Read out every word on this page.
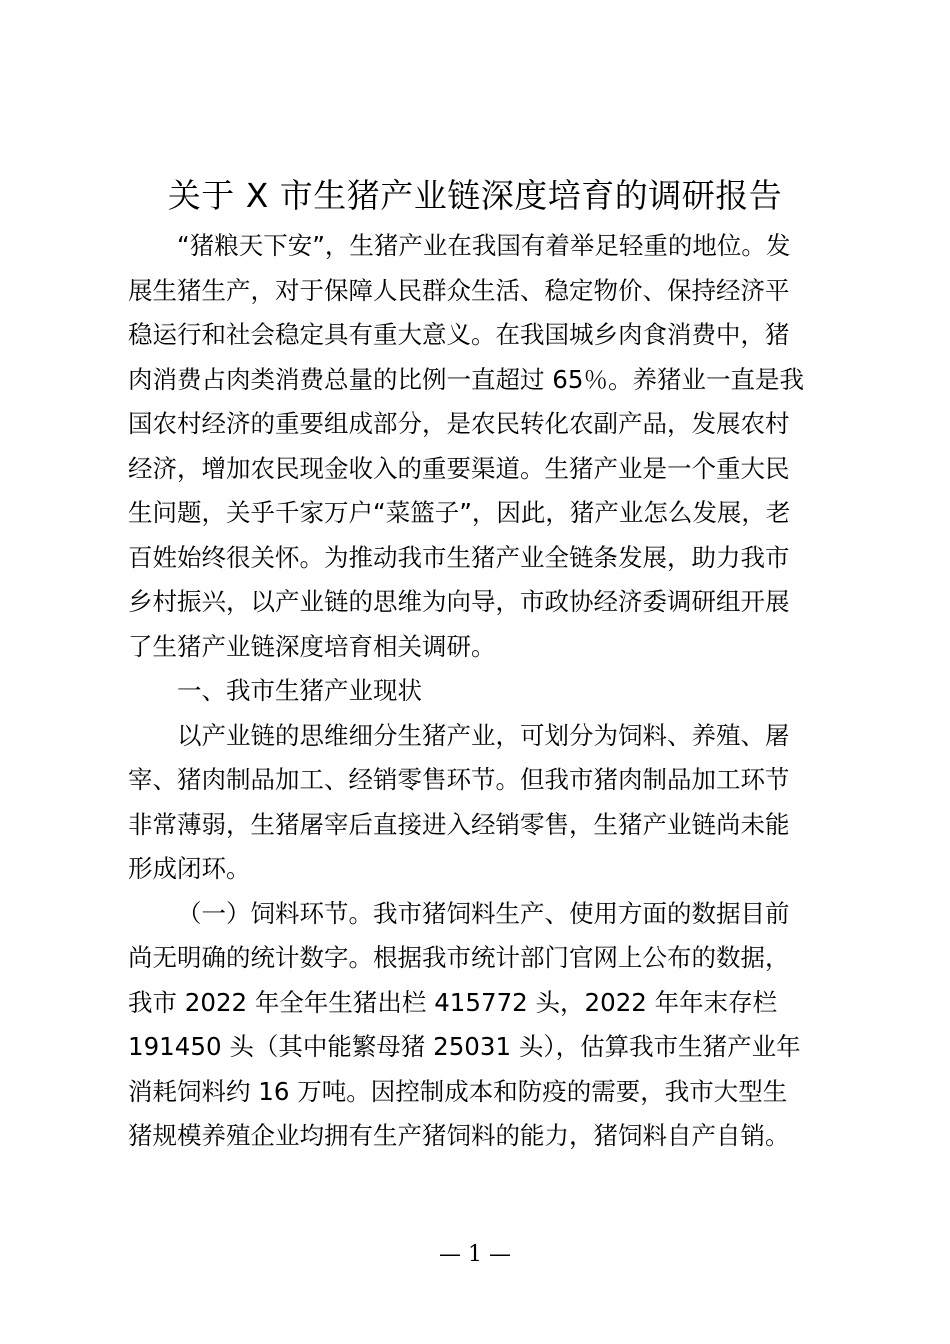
关于 X 市生猪产业链深度培育的调研报告
“猪粮天下安”，生猪产业在我国有着举足轻重的地位。发
展生猪生产，对于保障人民群众生活、稳定物价、保持经济平
稳运行和社会稳定具有重大意义。在我国城乡肉食消费中，猪
肉消费占肉类消费总量的比例一直超过 65％。养猪业一直是我
国农村经济的重要组成部分，是农民转化农副产品，发展农村
经济，增加农民现金收入的重要渠道。生猪产业是一个重大民
生问题，关乎千家万户“菜篮子”，因此，猪产业怎么发展，老
百姓始终很关怀。为推动我市生猪产业全链条发展，助力我市
乡村振兴，以产业链的思维为向导，市政协经济委调研组开展
了生猪产业链深度培育相关调研。
一、我市生猪产业现状
以产业链的思维细分生猪产业，可划分为饲料、养殖、屠
宰、猪肉制品加工、经销零售环节。但我市猪肉制品加工环节
非常薄弱，生猪屠宰后直接进入经销零售，生猪产业链尚未能
形成闭环。
（一）饲料环节。我市猪饲料生产、使用方面的数据目前
尚无明确的统计数字。根据我市统计部门官网上公布的数据，
我市 2022 年全年生猪出栏 415772 头，2022 年年末存栏
191450 头（其中能繁母猪 25031 头），估算我市生猪产业年
消耗饲料约 16 万吨。因控制成本和防疫的需要，我市大型生
猪规模养殖企业均拥有生产猪饲料的能力，猪饲料自产自销。
— 1 —
